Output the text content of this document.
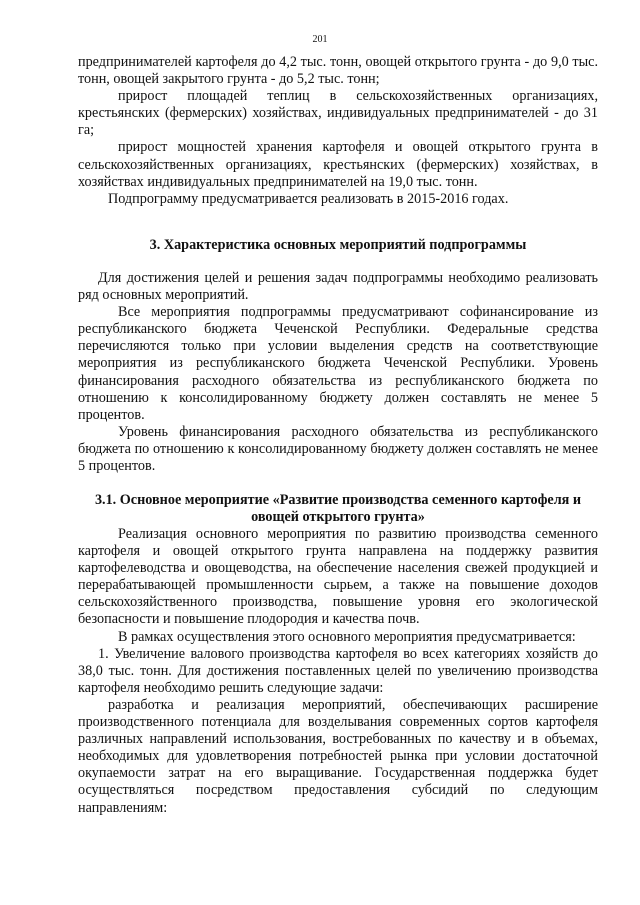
201

предпринимателей картофеля до 4,2 тыс. тонн, овощей открытого грунта - до 9,0 тыс. тонн, овощей закрытого грунта - до 5,2 тыс. тонн;

прирост площадей теплиц в сельскохозяйственных организациях, крестьянских (фермерских) хозяйствах, индивидуальных предпринимателей - до 31 га;

прирост мощностей хранения картофеля и овощей открытого грунта в сельскохозяйственных организациях, крестьянских (фермерских) хозяйствах, в хозяйствах индивидуальных предпринимателей на 19,0 тыс. тонн.

Подпрограмму предусматривается реализовать в 2015-2016 годах.

3. Характеристика основных мероприятий подпрограммы

Для достижения целей и решения задач подпрограммы необходимо реализовать ряд основных мероприятий.

Все мероприятия подпрограммы предусматривают софинансирование из республиканского бюджета Чеченской Республики. Федеральные средства перечисляются только при условии выделения средств на соответствующие мероприятия из республиканского бюджета Чеченской Республики. Уровень финансирования расходного обязательства из республиканского бюджета по отношению к консолидированному бюджету должен составлять не менее 5 процентов.

Уровень финансирования расходного обязательства из республиканского бюджета по отношению к консолидированному бюджету должен составлять не менее 5 процентов.

3.1. Основное мероприятие «Развитие производства семенного картофеля и овощей открытого грунта»

Реализация основного мероприятия по развитию производства семенного картофеля и овощей открытого грунта направлена на поддержку развития картофелеводства и овощеводства, на обеспечение населения свежей продукцией и перерабатывающей промышленности сырьем, а также на повышение доходов сельскохозяйственного производства, повышение уровня его экологической безопасности и повышение плодородия и качества почв.

В рамках осуществления этого основного мероприятия предусматривается:

1. Увеличение валового производства картофеля во всех категориях хозяйств до 38,0 тыс. тонн. Для достижения поставленных целей по увеличению производства картофеля необходимо решить следующие задачи:

разработка и реализация мероприятий, обеспечивающих расширение производственного потенциала для возделывания современных сортов картофеля различных направлений использования, востребованных по качеству и в объемах, необходимых для удовлетворения потребностей рынка при условии достаточной окупаемости затрат на его выращивание. Государственная поддержка будет осуществляться посредством предоставления субсидий по следующим направлениям:
